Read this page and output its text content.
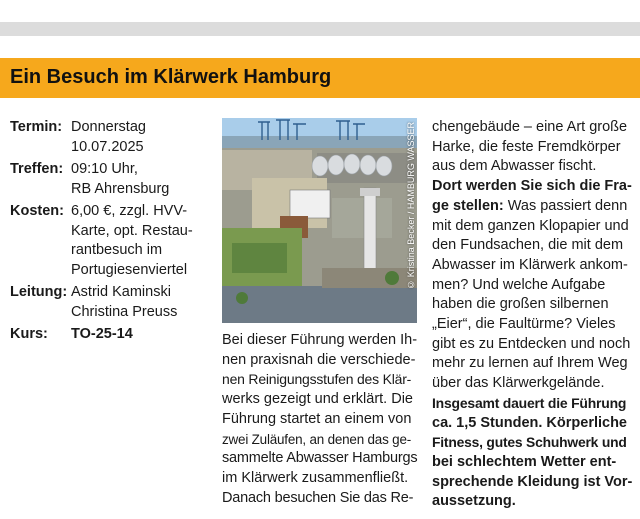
Ein Besuch im Klärwerk Hamburg
Termin: Donnerstag
10.07.2025
Treffen: 09:10 Uhr,
RB Ahrensburg
Kosten: 6,00 €, zzgl. HVV-
Karte, opt. Restau-
rantbesuch im
Portugiesenviertel
Leitung: Astrid Kaminski
Christina Preuss
Kurs:	TO-25-14
© Kristina Becker / HAMBURG WASSER
Bei dieser Führung werden Ih-
nen praxisnah die verschiede-
nen Reinigungsstufen des Klär-
werks gezeigt und erklärt. Die
Führung startet an einem von
zwei Zuläufen, an denen das ge-
sammelte Abwasser Hamburgs
im Klärwerk zusammenfließt.
Danach besuchen Sie das Re-
chengebäude – eine Art große
Harke, die feste Fremdkörper
aus dem Abwasser fischt.
Dort werden Sie sich die Fra-
ge stellen: Was passiert denn
mit dem ganzen Klopapier und
den Fundsachen, die mit dem
Abwasser im Klärwerk ankom-
men? Und welche Aufgabe
haben die großen silbernen
„Eier“, die Faultürme? Vieles
gibt es zu Entdecken und noch
mehr zu lernen auf Ihrem Weg
über das Klärwerkgelände.
Insgesamt dauert die Führung
ca. 1,5 Stunden. Körperliche
Fitness, gutes Schuhwerk und
bei schlechtem Wetter ent-
sprechende Kleidung ist Vor-
aussetzung.
